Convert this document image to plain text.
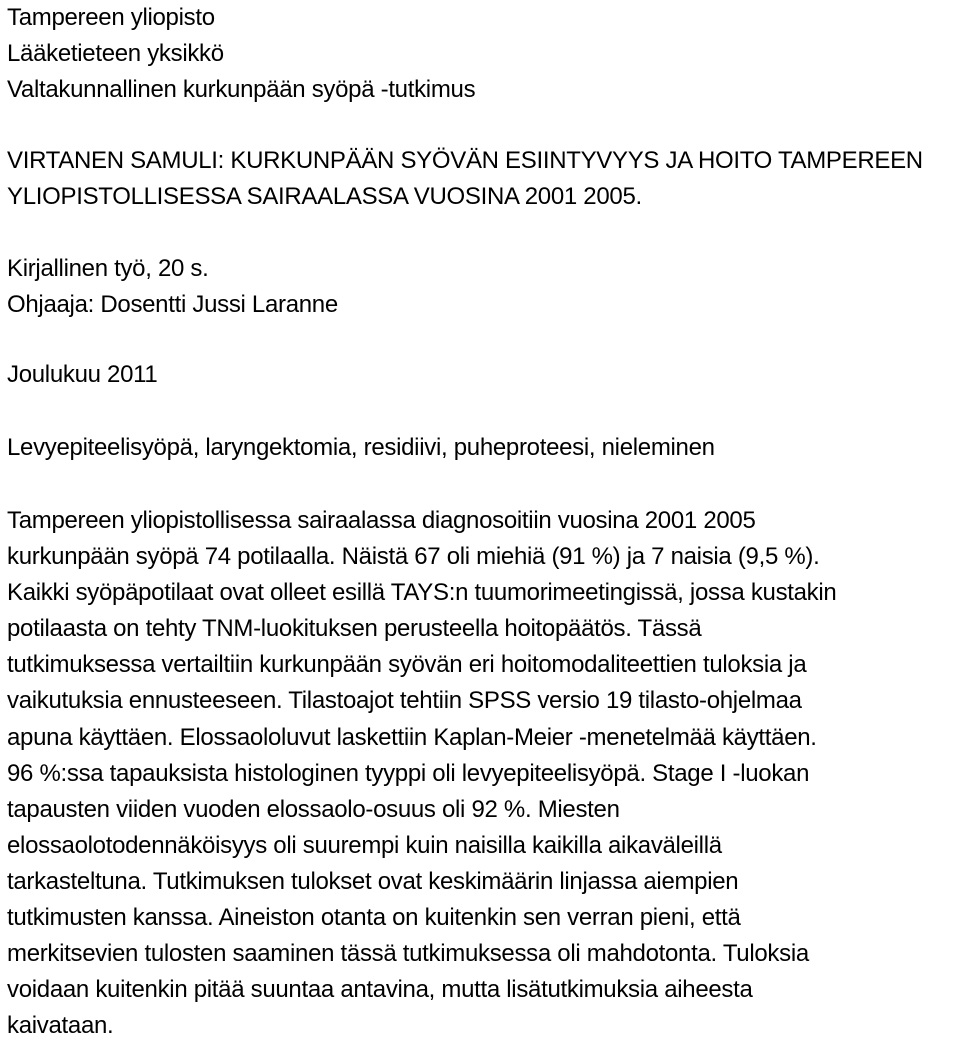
Tampereen yliopisto
Lääketieteen yksikkö
Valtakunnallinen kurkunpään syöpä -tutkimus
VIRTANEN SAMULI: KURKUNPÄÄN SYÖVÄN ESIINTYVYYS JA HOITO TAMPEREEN
YLIOPISTOLLISESSA SAIRAALASSA VUOSINA 2001 2005.
Kirjallinen työ, 20 s.
Ohjaaja: Dosentti Jussi Laranne
Joulukuu 2011
Levyepiteelisyöpä, laryngektomia, residiivi, puheproteesi, nieleminen
Tampereen yliopistollisessa sairaalassa diagnosoitiin vuosina 2001 2005
kurkunpään syöpä 74 potilaalla. Näistä 67 oli miehiä (91 %) ja 7 naisia (9,5 %).
Kaikki syöpäpotilaat ovat olleet esillä TAYS:n tuumorimeetingissä, jossa kustakin
potilaasta on tehty TNM-luokituksen perusteella hoitopäätös. Tässä
tutkimuksessa vertailtiin kurkunpään syövän eri hoitomodaliteettien tuloksia ja
vaikutuksia ennusteeseen. Tilastoajot tehtiin SPSS versio 19 tilasto-ohjelmaa
apuna käyttäen. Elossaololuvut laskettiin Kaplan-Meier -menetelmää käyttäen.
96 %:ssa tapauksista histologinen tyyppi oli levyepiteelisyöpä. Stage I -luokan
tapausten viiden vuoden elossaolo-osuus oli 92 %. Miesten
elossaolotodennäköisyys oli suurempi kuin naisilla kaikilla aikaväleillä
tarkasteltuna. Tutkimuksen tulokset ovat keskimäärin linjassa aiempien
tutkimusten kanssa. Aineiston otanta on kuitenkin sen verran pieni, että
merkitsevien tulosten saaminen tässä tutkimuksessa oli mahdotonta. Tuloksia
voidaan kuitenkin pitää suuntaa antavina, mutta lisätutkimuksia aiheesta
kaivataan.
